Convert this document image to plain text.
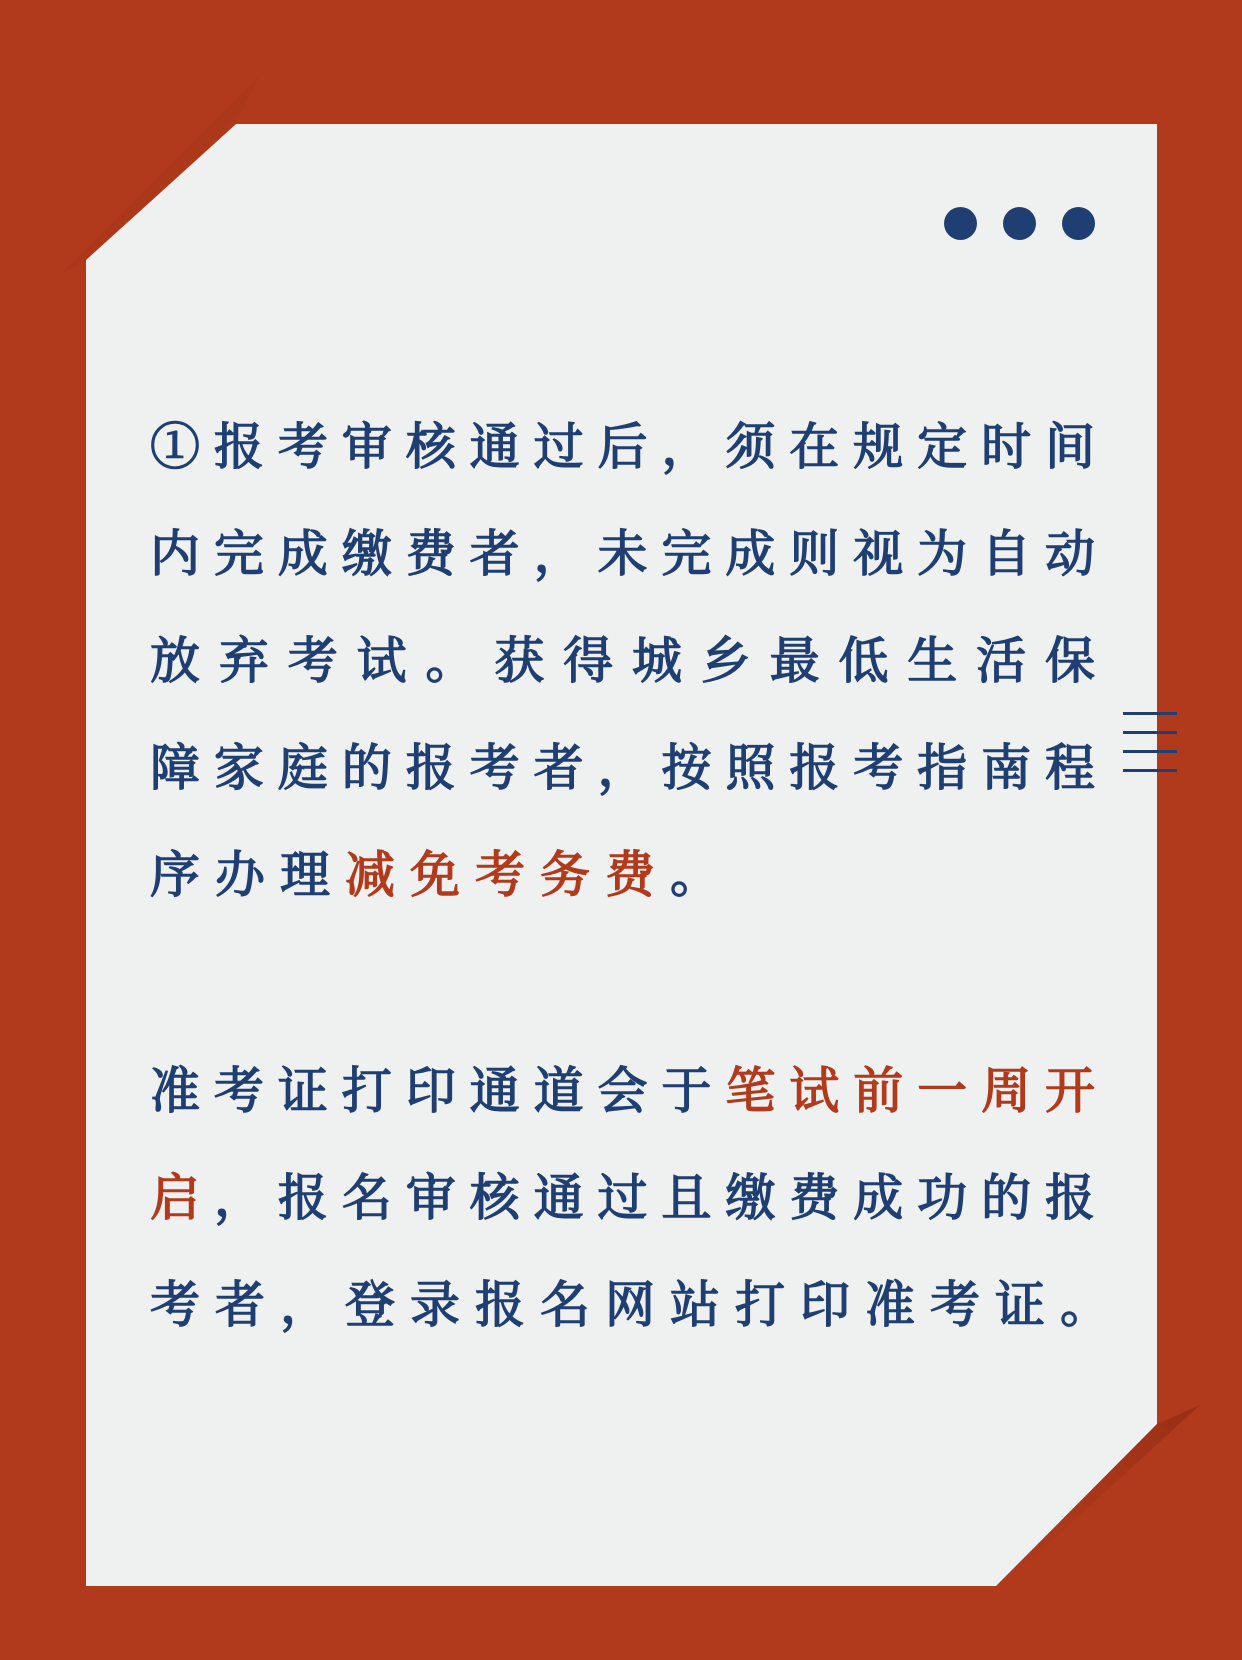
①报考审核通过后，须在规定时间
内完成缴费者，未完成则视为自动
放弃考试。获得城乡最低生活保
障家庭的报考者，按照报考指南程
序办理减免考务费。
准考证打印通道会于笔试前一周开
启，报名审核通过且缴费成功的报
考者，登录报名网站打印准考证。
